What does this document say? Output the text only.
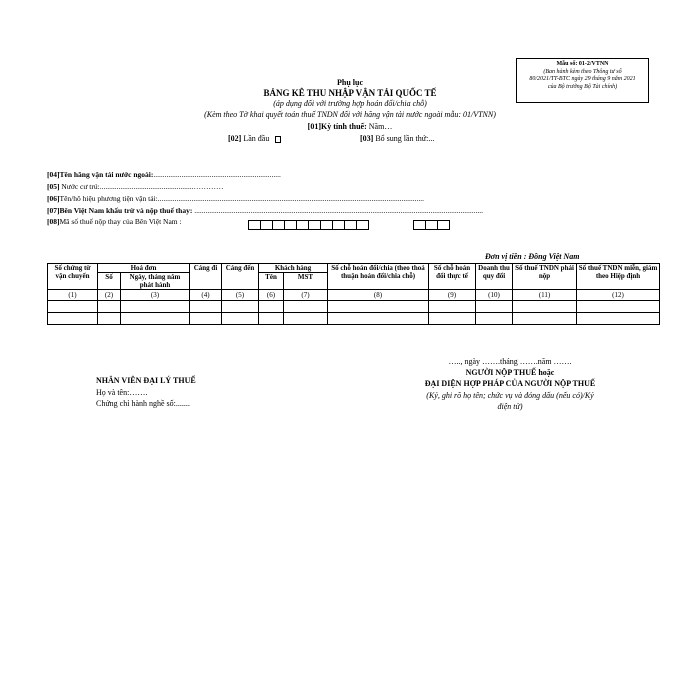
Mẫu số: 01-2/VTNN
(Ban hành kèm theo Thông tư số
80/2021/TT-BTC ngày 29 tháng 9 năm 2021
của Bộ trưởng Bộ Tài chính)
Phụ lục
BẢNG KÊ THU NHẬP VẬN TẢI QUỐC TẾ
(áp dụng đối với trường hợp hoán đổi/chia chỗ)
(Kèm theo Tờ khai quyết toán thuế TNDN đối với hãng vận tải nước ngoài mẫu: 01/VTNN)
[01]Kỳ tính thuế: Năm…
[02] Lần đầu	[03] Bổ sung lần thứ:...
[04]Tên hãng vận tải nước ngoài:....................................................................
[05] Nước cư trú:..................................................…………
[06]Tên/hô hiệu phương tiện vận tải:..............................................................................................................................................
[07]Bên Việt Nam khấu trừ và nộp thuế thay: ..........................................................................................................................................................
[08]Mã số thuế nộp thay của Bên Việt Nam :

Đơn vị tiền : Đồng Việt Nam
Số chứng từ vận chuyển	Hoá đơn		Cảng đi	Cảng đến	Khách hàng		Số chỗ hoán đổi/chia (theo thoả thuận hoán đổi/chia chỗ)	Số chỗ hoán đổi thực tế	Doanh thu quy đổi	Số thuế TNDN phải nộp	Số thuế TNDN miễn, giảm theo Hiệp định
	Số	Ngày, tháng năm phát hành			Tên	MST					
(1)	(2)	(3)	(4)	(5)	(6)	(7)	(8)	(9)	(10)	(11)	(12)

NHÂN VIÊN ĐẠI LÝ THUẾ
Họ và tên:…….
Chứng chỉ hành nghề số:.......
….., ngày …….tháng …….năm …….
NGƯỜI NỘP THUẾ hoặc
ĐẠI DIỆN HỢP PHÁP CỦA NGƯỜI NỘP THUẾ
(Ký, ghi rõ họ tên; chức vụ và đóng dấu (nếu có)/Ký
điện tử)
